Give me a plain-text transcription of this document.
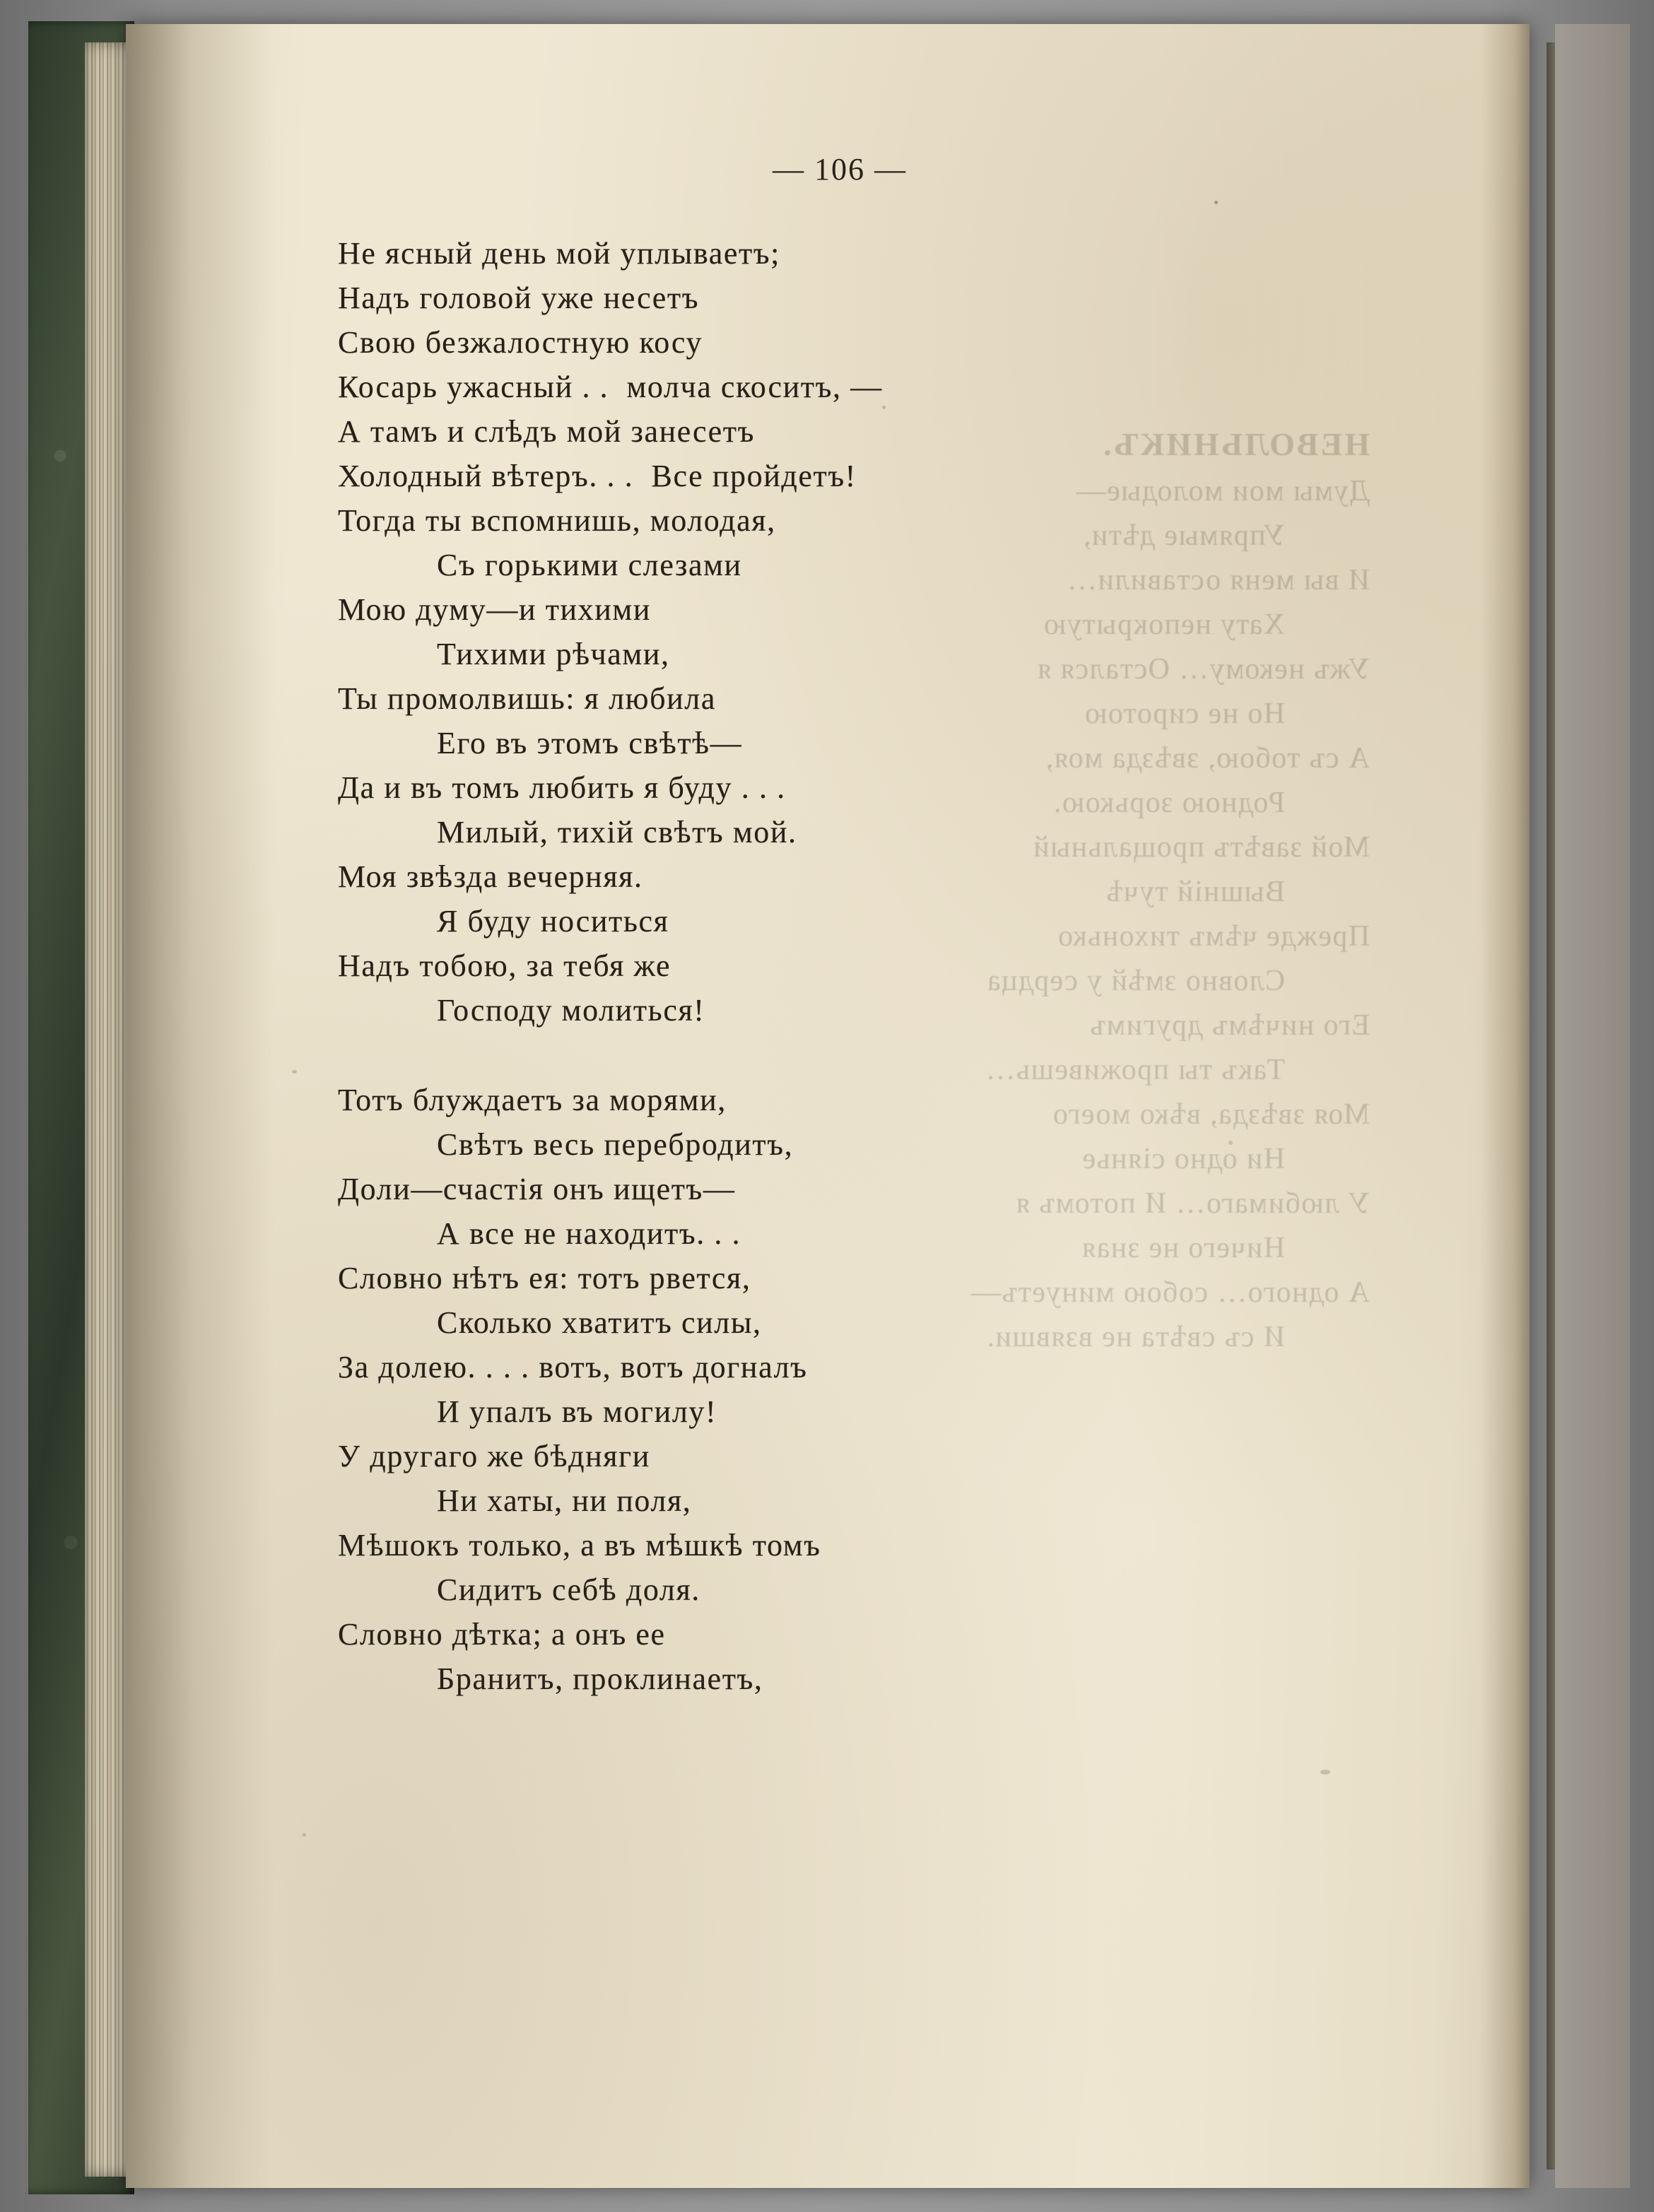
НЕВОЛЬНИКЪ.
Думы мои молодые—
Упрямые дѣти,
И вы меня оставили…
Хату непокрытую
Ужъ некому… Остался я
Но не сиротою
А съ тобою, звѣзда моя,
Родною зорькою.
Мой завѣтъ прощальный
Вышній тучѣ
Прежде чѣмъ тихонько
Словно змѣй у сердца
Его ничѣмъ другимъ
Такъ ты проживешь…
Моя звѣзда, вѣко моего
Ни одно сiянье
У любимаго… И потомъ я
Ничего не зная
А одного… собою минуетъ—
И съ свѣта не взявши.
— 106 —
Не ясный день мой уплываетъ;
Надъ головой уже несетъ
Свою безжалостную косу
Косарь ужасный . .  молча скоситъ, —
А тамъ и слѣдъ мой занесетъ
Холодный вѣтеръ. . .  Все пройдетъ!
Тогда ты вспомнишь, молодая,
Съ горькими слезами
Мою думу—и тихими
Тихими рѣчами,
Ты промолвишь: я любила
Его въ этомъ свѣтѣ—
Да и въ томъ любить я буду . . .
Милый, тихiй свѣтъ мой.
Моя звѣзда вечерняя.
Я буду носиться
Надъ тобою, за тебя же
Господу молиться!
Тотъ блуждаетъ за морями,
Свѣтъ весь перебродитъ,
Доли—счастiя онъ ищетъ—
А все не находитъ. . .
Словно нѣтъ ея: тотъ рвется,
Сколько хватитъ силы,
За долею. . . . вотъ, вотъ догналъ
И упалъ въ могилу!
У другаго же бѣдняги
Ни хаты, ни поля,
Мѣшокъ только, а въ мѣшкѣ томъ
Сидитъ себѣ доля.
Словно дѣтка; а онъ ее
Бранитъ, проклинаетъ,
